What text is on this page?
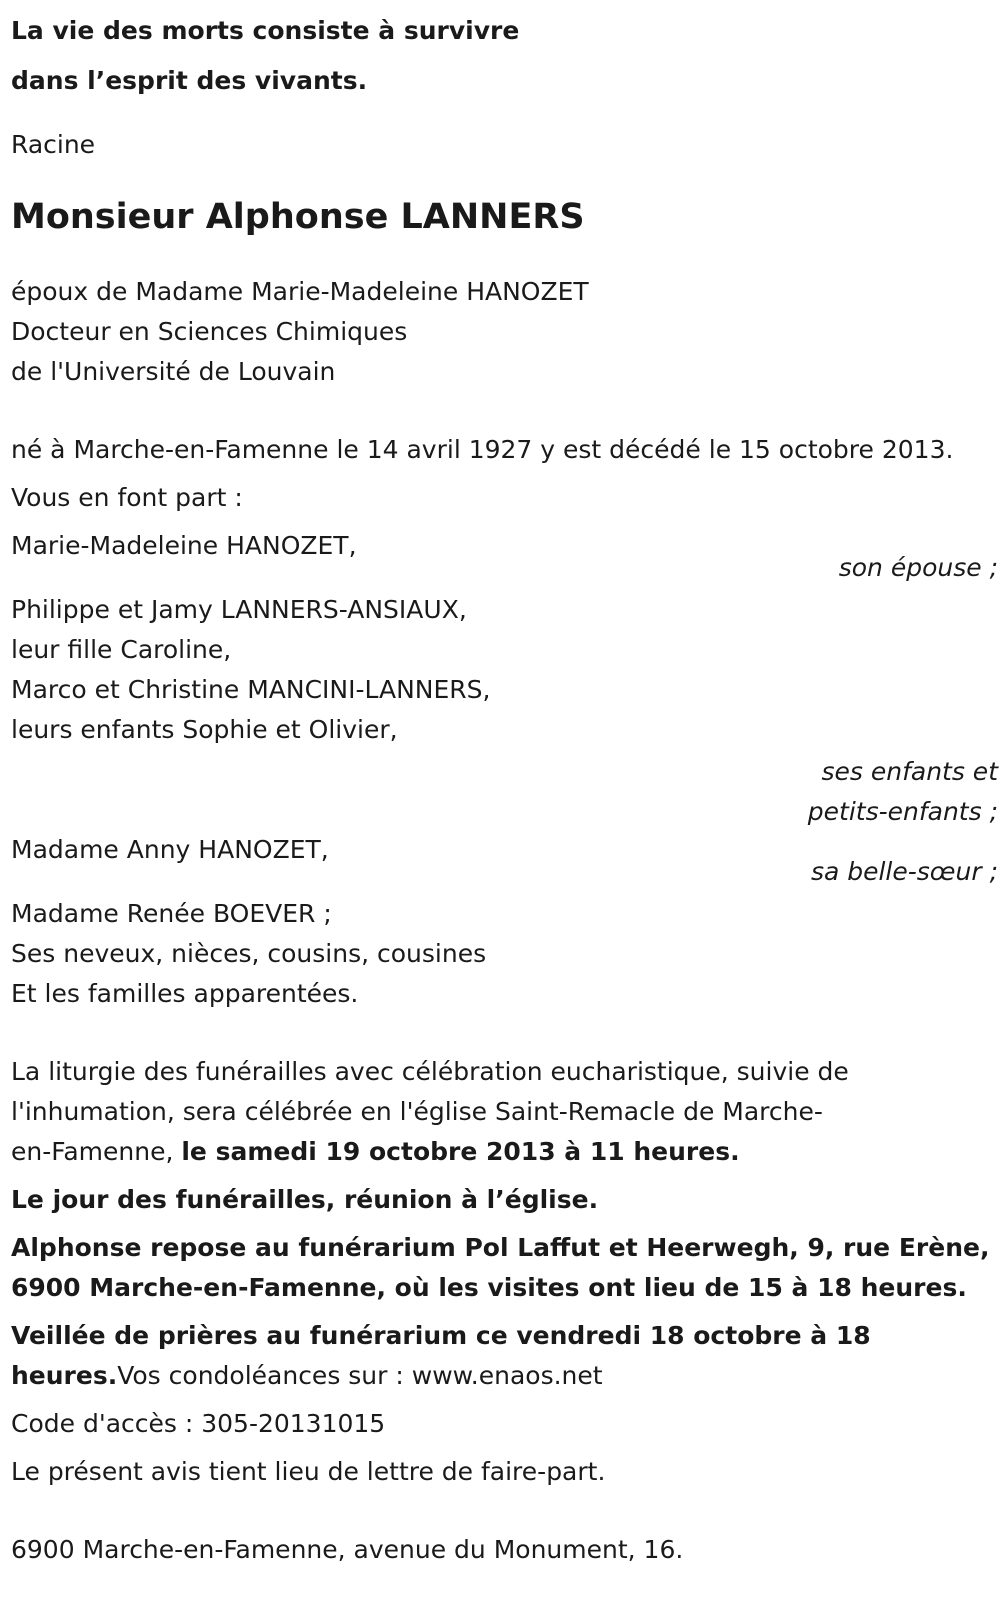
La vie des morts consiste à survivre
dans l’esprit des vivants.
Racine
Monsieur Alphonse LANNERS
époux de Madame Marie-Madeleine HANOZET
Docteur en Sciences Chimiques
de l'Université de Louvain
né à Marche-en-Famenne le 14 avril 1927 y est décédé le 15 octobre 2013.
Vous en font part :
Marie-Madeleine HANOZET,
son épouse ;
Philippe et Jamy LANNERS-ANSIAUX,
leur fille Caroline,
Marco et Christine MANCINI-LANNERS,
leurs enfants Sophie et Olivier,
ses enfants et
petits-enfants ;
Madame Anny HANOZET,
sa belle-sœur ;
Madame Renée BOEVER ;
Ses neveux, nièces, cousins, cousines
Et les familles apparentées.
La liturgie des funérailles avec célébration eucharistique, suivie de
l'inhumation, sera célébrée en l'église Saint-Remacle de Marche-
en-Famenne, le samedi 19 octobre 2013 à 11 heures.
Le jour des funérailles, réunion à l’église.
Alphonse repose au funérarium Pol Laffut et Heerwegh, 9, rue Erène,
6900 Marche-en-Famenne, où les visites ont lieu de 15 à 18 heures.
Veillée de prières au funérarium ce vendredi 18 octobre à 18
heures.Vos condoléances sur : www.enaos.net
Code d'accès : 305-20131015
Le présent avis tient lieu de lettre de faire-part.
6900 Marche-en-Famenne, avenue du Monument, 16.
